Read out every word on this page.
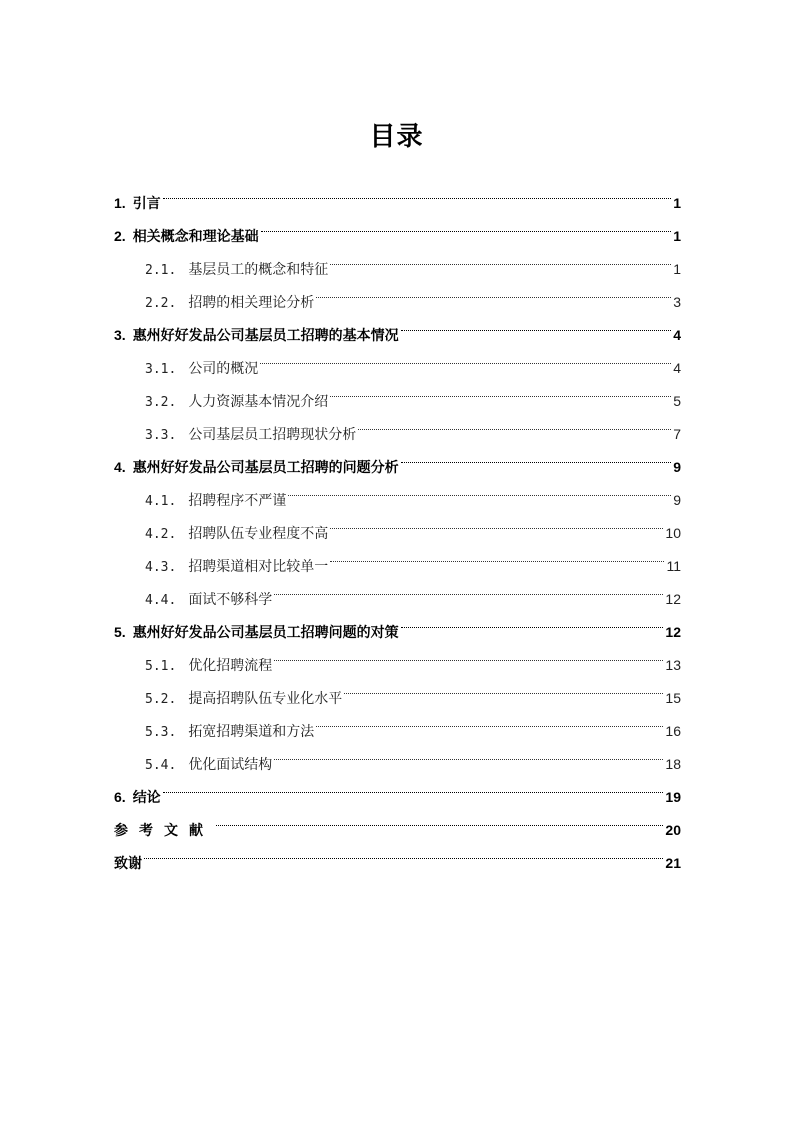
目录
1. 引言	1
2. 相关概念和理论基础	1
2.1. 基层员工的概念和特征	1
2.2. 招聘的相关理论分析	3
3. 惠州好好发品公司基层员工招聘的基本情况	4
3.1. 公司的概况	4
3.2. 人力资源基本情况介绍	5
3.3. 公司基层员工招聘现状分析	7
4. 惠州好好发品公司基层员工招聘的问题分析	9
4.1. 招聘程序不严谨	9
4.2. 招聘队伍专业程度不高	10
4.3. 招聘渠道相对比较单一	11
4.4. 面试不够科学	12
5. 惠州好好发品公司基层员工招聘问题的对策	12
5.1. 优化招聘流程	13
5.2. 提高招聘队伍专业化水平	15
5.3. 拓宽招聘渠道和方法	16
5.4. 优化面试结构	18
6. 结论	19
参考文献	20
致谢	21
